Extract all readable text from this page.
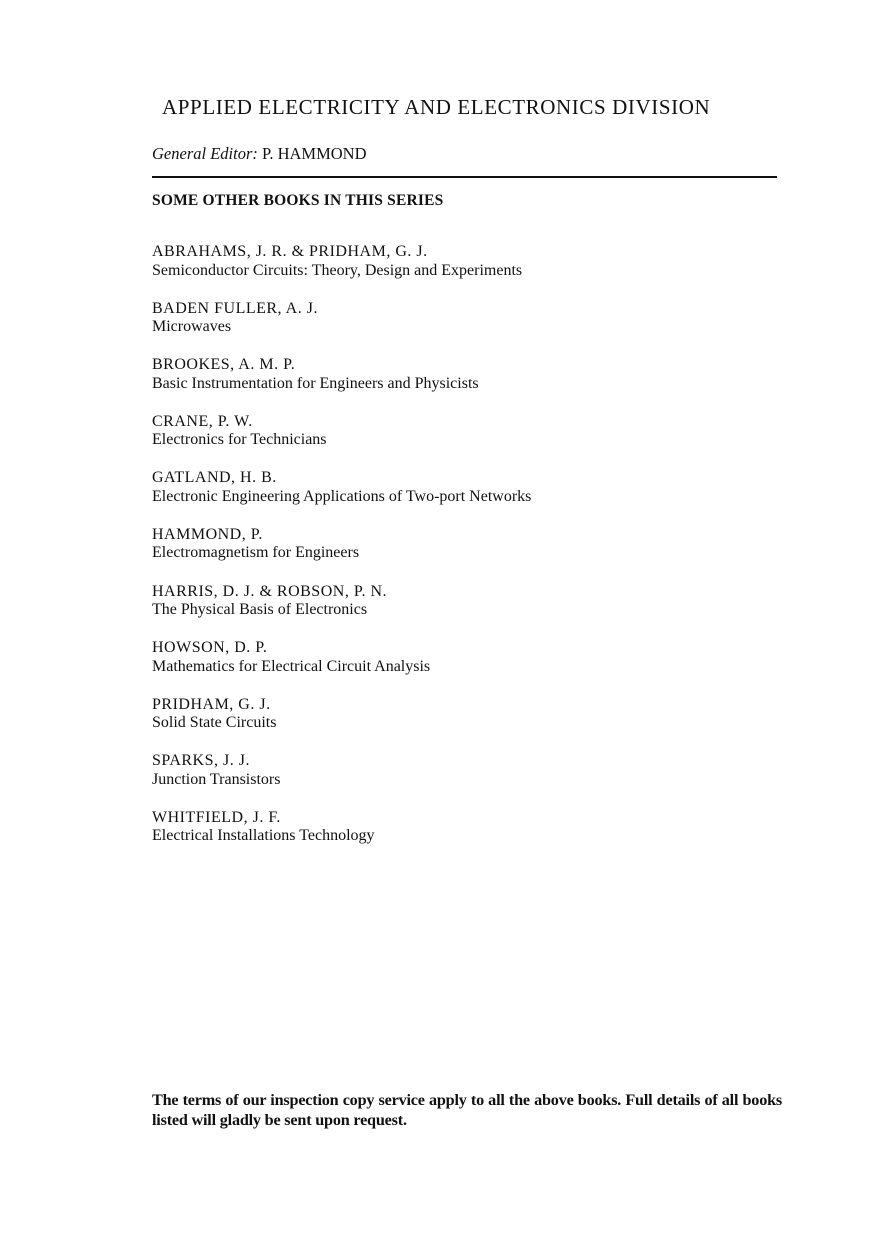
APPLIED ELECTRICITY AND ELECTRONICS DIVISION
General Editor: P. HAMMOND
SOME OTHER BOOKS IN THIS SERIES
ABRAHAMS, J. R. & PRIDHAM, G. J.
Semiconductor Circuits: Theory, Design and Experiments
BADEN FULLER, A. J.
Microwaves
BROOKES, A. M. P.
Basic Instrumentation for Engineers and Physicists
CRANE, P. W.
Electronics for Technicians
GATLAND, H. B.
Electronic Engineering Applications of Two-port Networks
HAMMOND, P.
Electromagnetism for Engineers
HARRIS, D. J. & ROBSON, P. N.
The Physical Basis of Electronics
HOWSON, D. P.
Mathematics for Electrical Circuit Analysis
PRIDHAM, G. J.
Solid State Circuits
SPARKS, J. J.
Junction Transistors
WHITFIELD, J. F.
Electrical Installations Technology
The terms of our inspection copy service apply to all the above books. Full details of all books listed will gladly be sent upon request.
